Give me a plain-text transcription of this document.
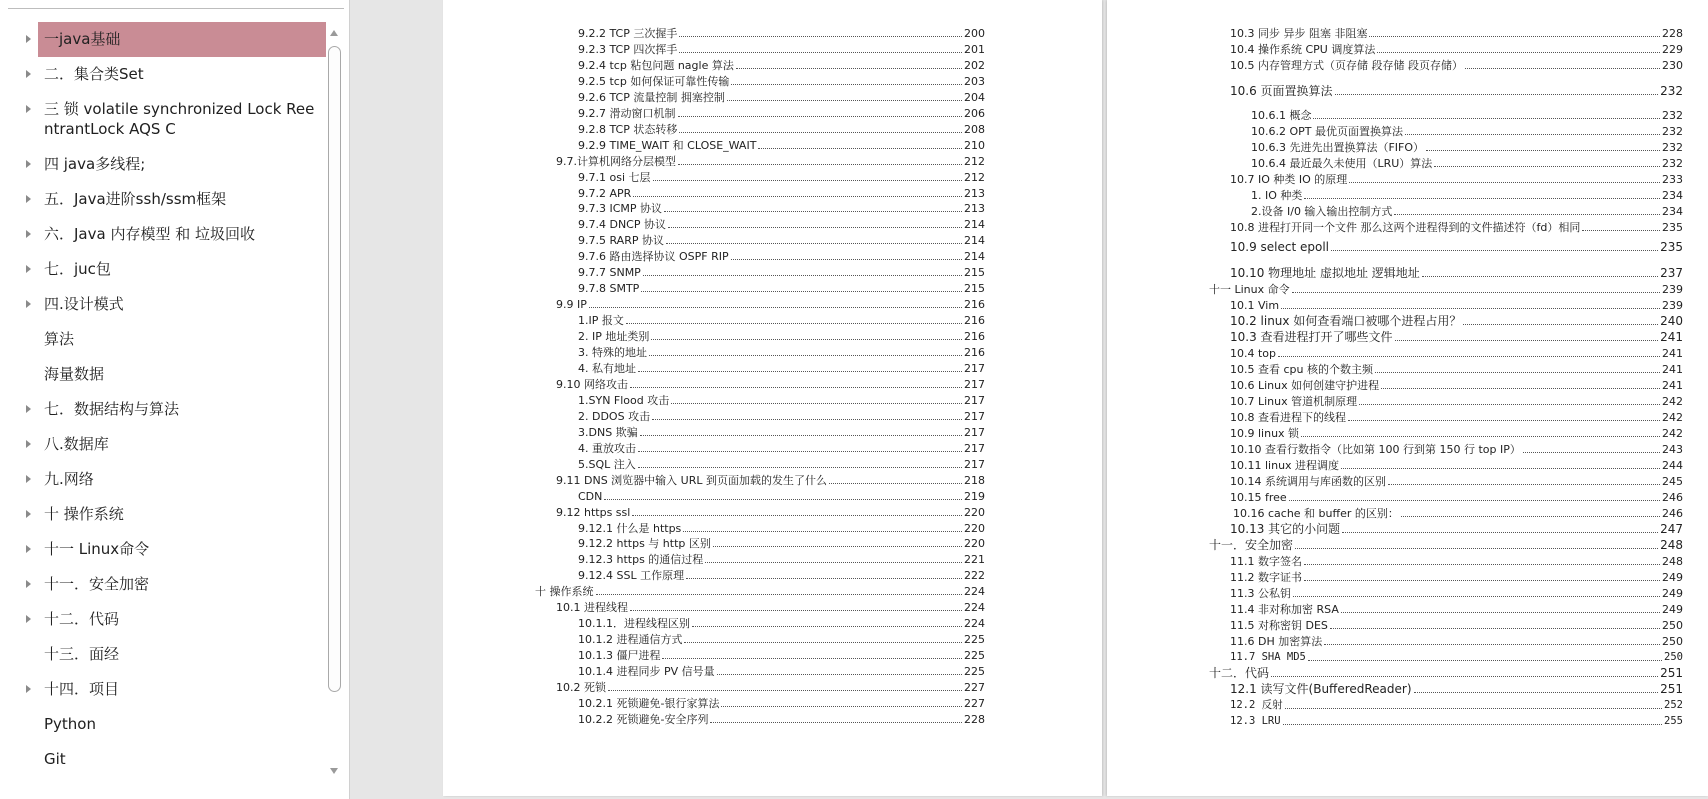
一java基础
二．集合类Set
三 锁 volatile synchronized Lock ReentrantLock AQS C
四 java多线程;
五．Java进阶ssh/ssm框架
六．Java 内存模型 和 垃圾回收
七．juc包
四.设计模式
算法
海量数据
七．数据结构与算法
八.数据库
九.网络
十 操作系统
十一 Linux命令
十一．安全加密
十二．代码
十三．面经
十四．项目
Python
Git
9.2.2 TCP 三次握手	200
9.2.3 TCP 四次挥手	201
9.2.4 tcp 粘包问题 nagle 算法	202
9.2.5 tcp 如何保证可靠性传输	203
9.2.6 TCP 流量控制 拥塞控制	204
9.2.7 滑动窗口机制	206
9.2.8 TCP 状态转移	208
9.2.9 TIME_WAIT 和 CLOSE_WAIT	210
9.7.计算机网络分层模型	212
9.7.1 osi 七层	212
9.7.2 APR	213
9.7.3 ICMP 协议	213
9.7.4 DNCP 协议	214
9.7.5 RARP 协议	214
9.7.6 路由选择协议 OSPF RIP	214
9.7.7 SNMP	215
9.7.8 SMTP	215
9.9 IP	216
1.IP 报文	216
2. IP 地址类别	216
3. 特殊的地址	216
4. 私有地址	217
9.10 网络攻击	217
1.SYN Flood 攻击	217
2. DDOS 攻击	217
3.DNS 欺骗	217
4. 重放攻击	217
5.SQL 注入	217
9.11 DNS 浏览器中输入 URL 到页面加载的发生了什么	218
CDN	219
9.12 https ssl	220
9.12.1 什么是 https	220
9.12.2 https 与 http 区别	220
9.12.3 https 的通信过程	221
9.12.4 SSL 工作原理	222
十 操作系统	224
10.1 进程线程	224
10.1.1．进程线程区别	224
10.1.2 进程通信方式	225
10.1.3 僵尸进程	225
10.1.4 进程同步 PV 信号量	225
10.2 死锁	227
10.2.1 死锁避免-银行家算法	227
10.2.2 死锁避免-安全序列	228
10.3 同步 异步 阻塞 非阻塞	228
10.4 操作系统 CPU 调度算法	229
10.5 内存管理方式（页存储 段存储 段页存储）	230
10.6 页面置换算法	232
10.6.1 概念	232
10.6.2 OPT 最优页面置换算法	232
10.6.3 先进先出置换算法（FIFO）	232
10.6.4 最近最久未使用（LRU）算法	232
10.7 IO 种类 IO 的原理	233
1. IO 种类	234
2.设备 I/0 输入输出控制方式	234
10.8 进程打开同一个文件 那么这两个进程得到的文件描述符（fd）相同	235
10.9 select epoll	235
10.10 物理地址 虚拟地址 逻辑地址	237
十一 Linux 命令	239
10.1 Vim	239
10.2 linux 如何查看端口被哪个进程占用？	240
10.3 查看进程打开了哪些文件	241
10.4 top	241
10.5 查看 cpu 核的个数主频	241
10.6 Linux 如何创建守护进程	241
10.7 Linux 管道机制原理	242
10.8 查看进程下的线程	242
10.9 linux 锁	242
10.10 查看行数指令（比如第 100 行到第 150 行 top IP）	243
10.11 linux 进程调度	244
10.14 系统调用与库函数的区别	245
10.15 free	246
10.16 cache 和 buffer 的区别：	246
10.13 其它的小问题	247
十一．安全加密	248
11.1 数字签名	248
11.2 数字证书	249
11.3 公私钥	249
11.4 非对称加密 RSA	249
11.5 对称密钥 DES	250
11.6 DH 加密算法	250
11.7 SHA MD5	250
十二．代码	251
12.1 读写文件(BufferedReader)	251
12.2 反射	252
12.3 LRU	255
